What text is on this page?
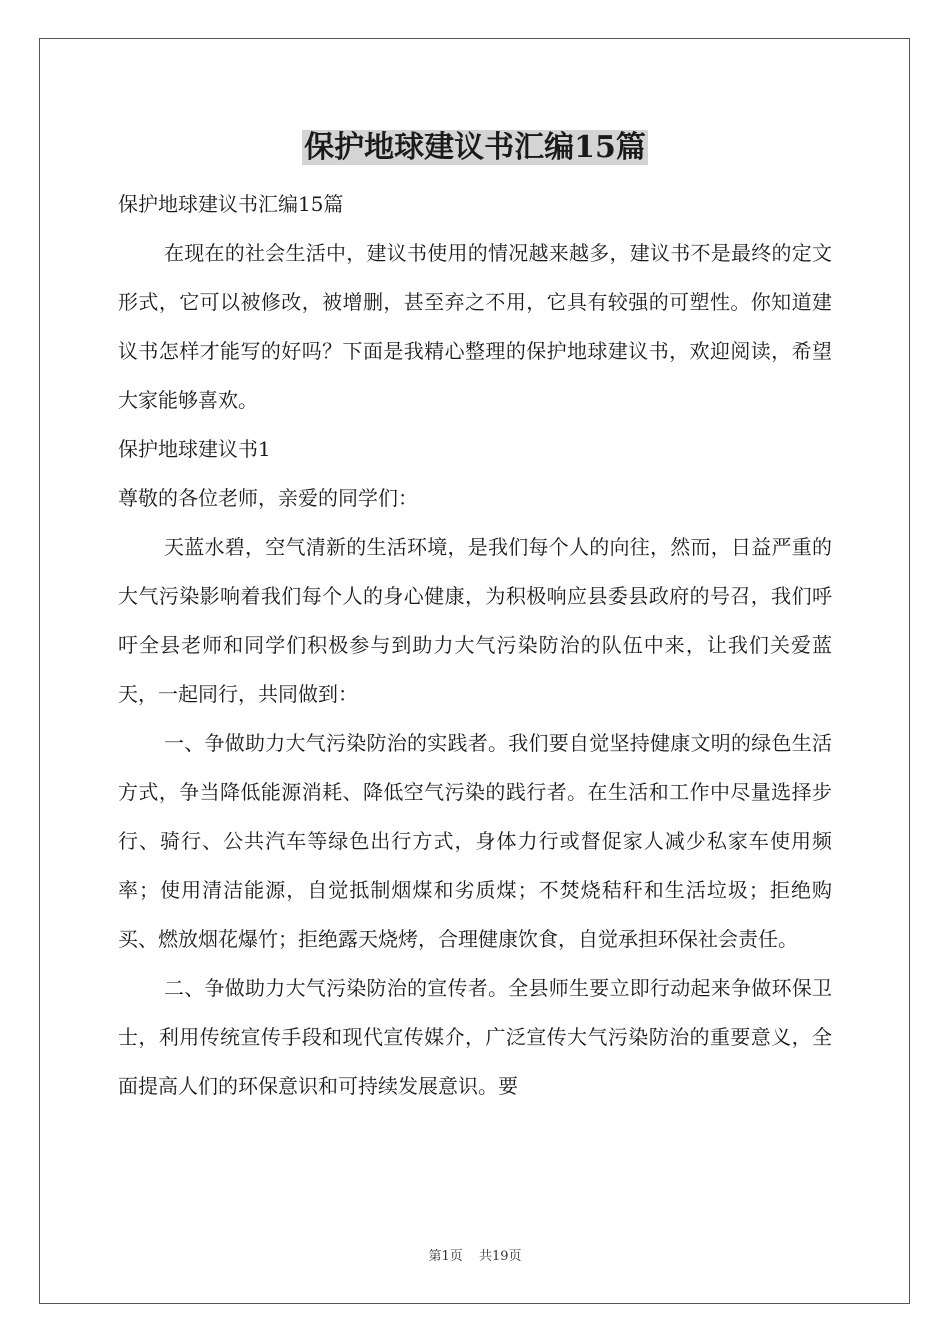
保护地球建议书汇编15篇

保护地球建议书汇编15篇

在现在的社会生活中，建议书使用的情况越来越多，建议书不是最终的定文形式，它可以被修改，被增删，甚至弃之不用，它具有较强的可塑性。你知道建议书怎样才能写的好吗？下面是我精心整理的保护地球建议书，欢迎阅读，希望大家能够喜欢。

保护地球建议书1

尊敬的各位老师，亲爱的同学们：

天蓝水碧，空气清新的生活环境，是我们每个人的向往，然而，日益严重的大气污染影响着我们每个人的身心健康，为积极响应县委县政府的号召，我们呼吁全县老师和同学们积极参与到助力大气污染防治的队伍中来，让我们关爱蓝天，一起同行，共同做到：

一、争做助力大气污染防治的实践者。我们要自觉坚持健康文明的绿色生活方式，争当降低能源消耗、降低空气污染的践行者。在生活和工作中尽量选择步行、骑行、公共汽车等绿色出行方式，身体力行或督促家人减少私家车使用频率；使用清洁能源，自觉抵制烟煤和劣质煤；不焚烧秸秆和生活垃圾；拒绝购买、燃放烟花爆竹；拒绝露天烧烤，合理健康饮食，自觉承担环保社会责任。

二、争做助力大气污染防治的宣传者。全县师生要立即行动起来争做环保卫士，利用传统宣传手段和现代宣传媒介，广泛宣传大气污染防治的重要意义，全面提高人们的环保意识和可持续发展意识。要

第1页 共19页
